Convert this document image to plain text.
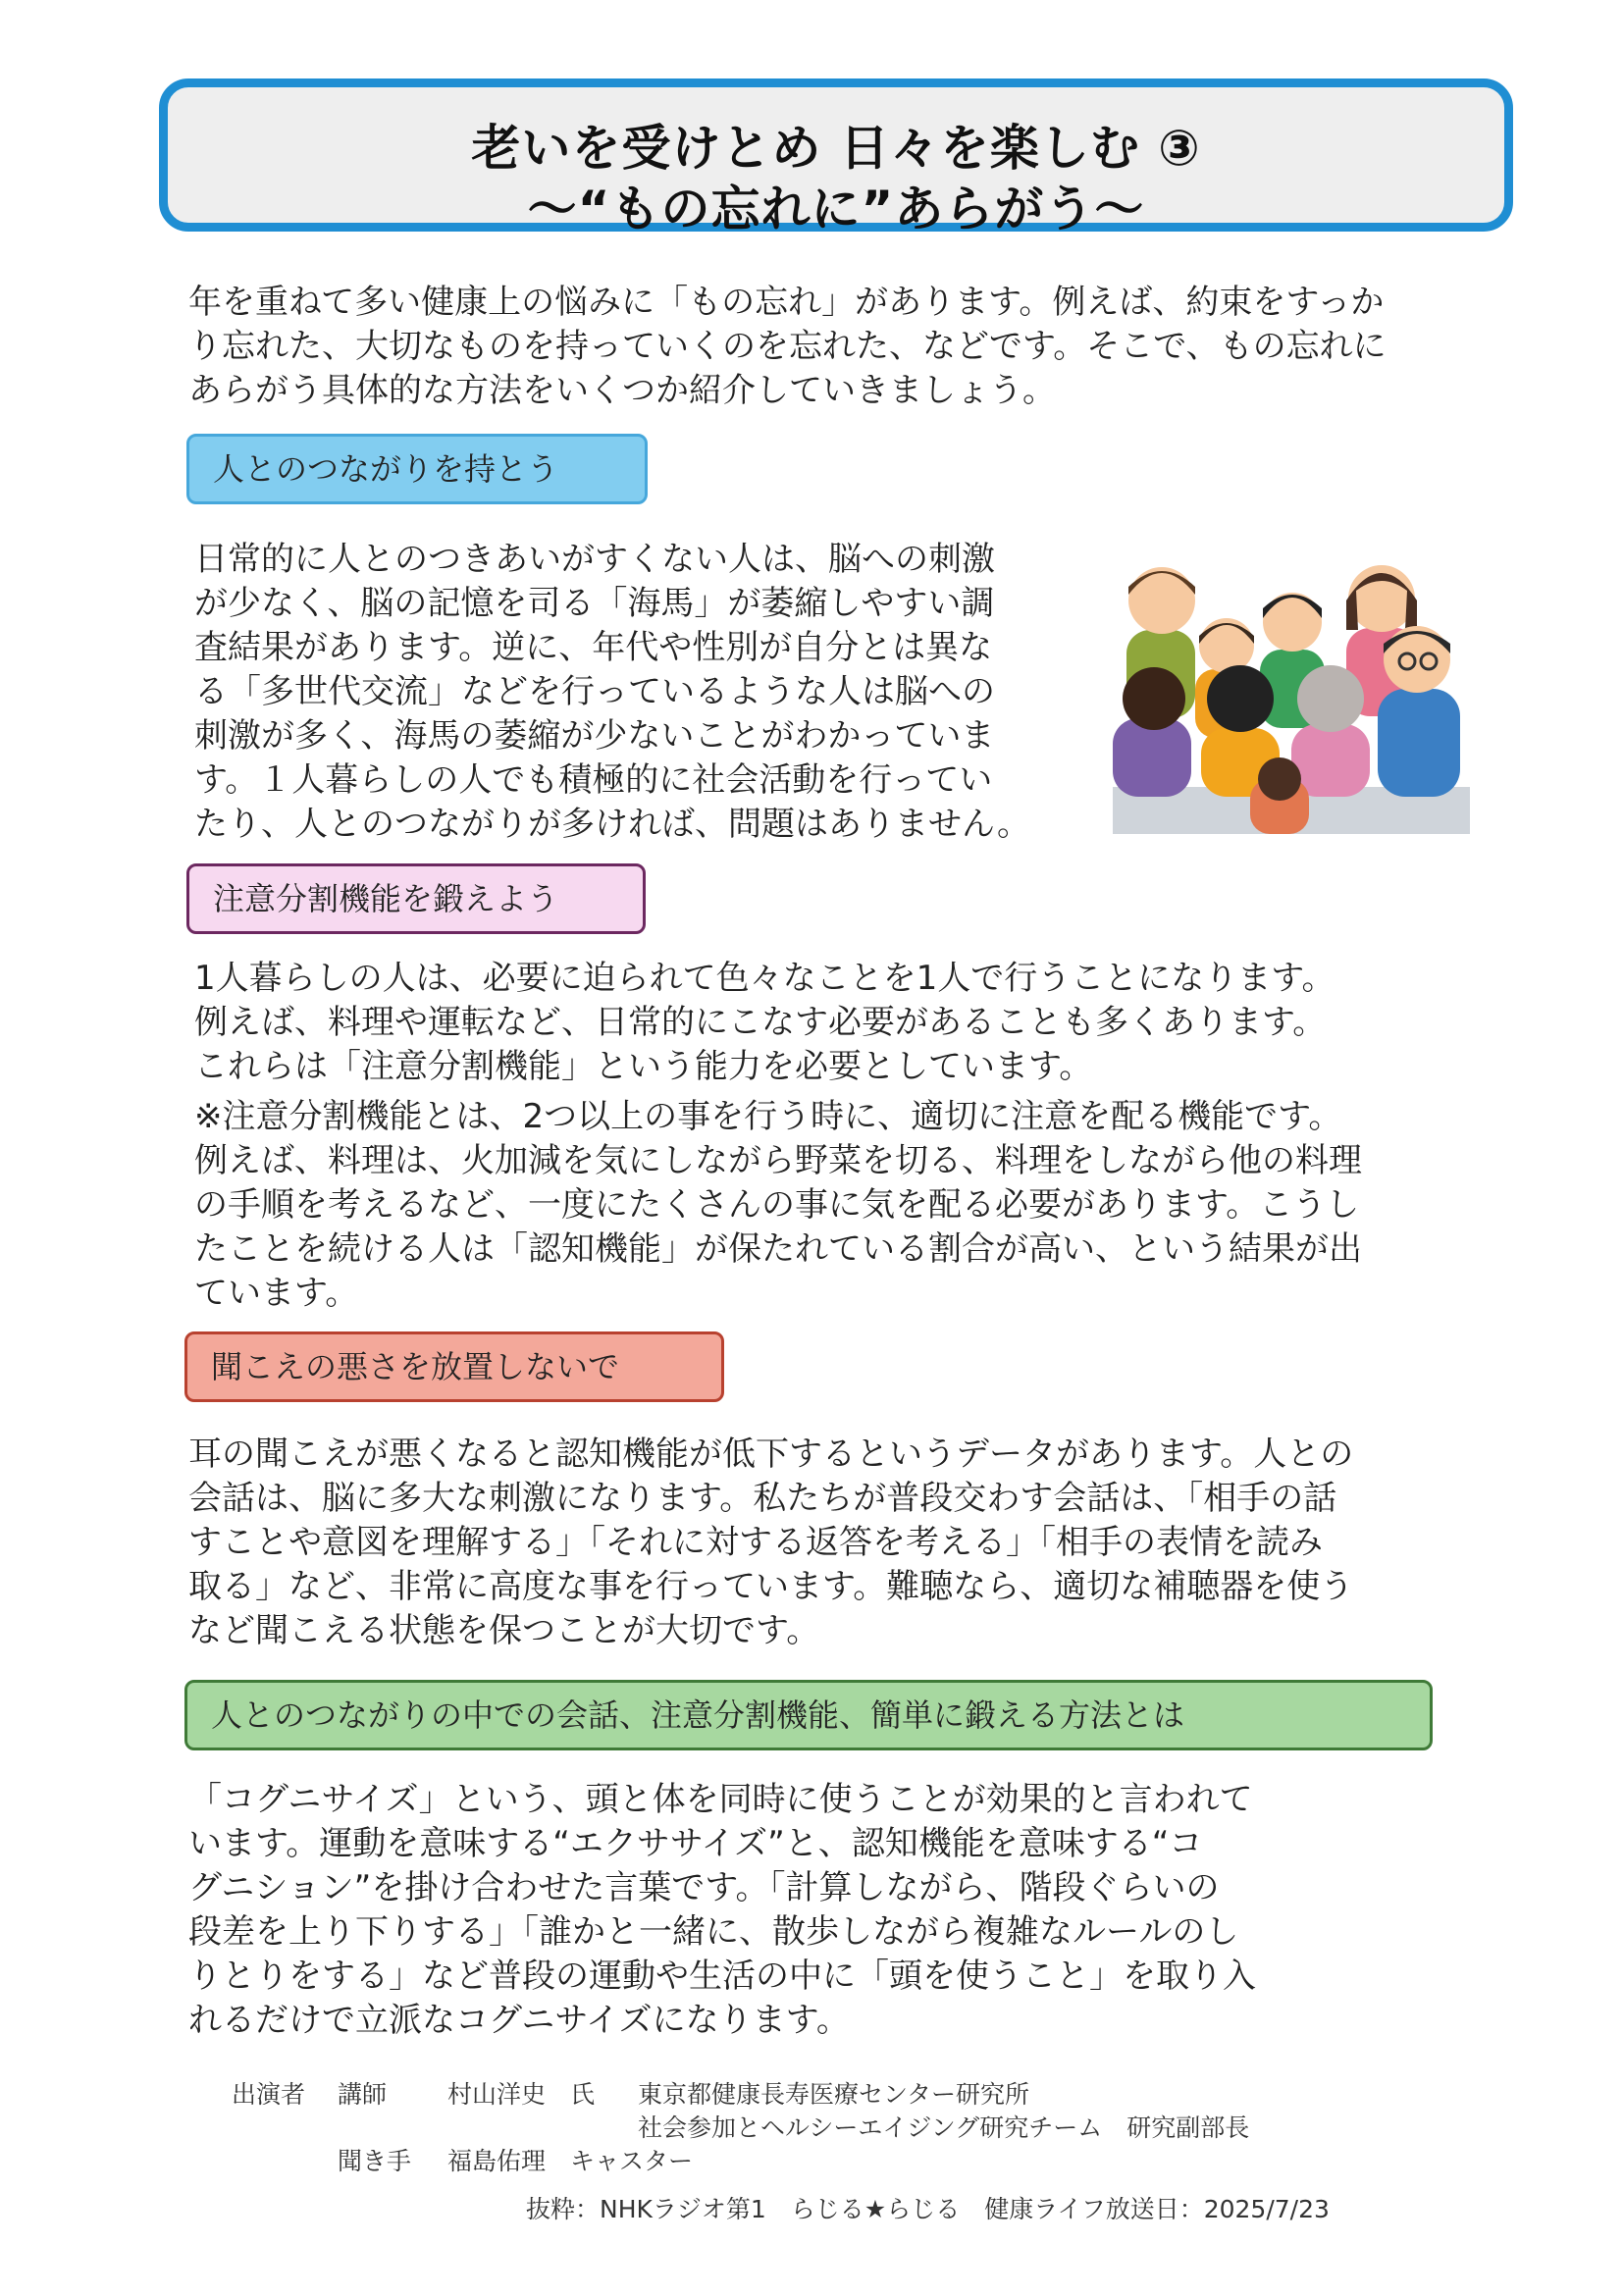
老いを受けとめ 日々を楽しむ ③
～“もの忘れに”あらがう～

年を重ねて多い健康上の悩みに「もの忘れ」があります。例えば、約束をすっか
り忘れた、大切なものを持っていくのを忘れた、などです。そこで、もの忘れに
あらがう具体的な方法をいくつか紹介していきましょう。

人とのつながりを持とう

日常的に人とのつきあいがすくない人は、脳への刺激
が少なく、脳の記憶を司る「海馬」が萎縮しやすい調
査結果があります。逆に、年代や性別が自分とは異な
る「多世代交流」などを行っているような人は脳への
刺激が多く、海馬の萎縮が少ないことがわかっていま
す。１人暮らしの人でも積極的に社会活動を行ってい
たり、人とのつながりが多ければ、問題はありません。

注意分割機能を鍛えよう

1人暮らしの人は、必要に迫られて色々なことを1人で行うことになります。
例えば、料理や運転など、日常的にこなす必要があることも多くあります。
これらは「注意分割機能」という能力を必要としています。

※注意分割機能とは、2つ以上の事を行う時に、適切に注意を配る機能です。
例えば、料理は、火加減を気にしながら野菜を切る、料理をしながら他の料理
の手順を考えるなど、一度にたくさんの事に気を配る必要があります。こうし
たことを続ける人は「認知機能」が保たれている割合が高い、という結果が出
ています。

聞こえの悪さを放置しないで

耳の聞こえが悪くなると認知機能が低下するというデータがあります。人との
会話は、脳に多大な刺激になります。私たちが普段交わす会話は、「相手の話
すことや意図を理解する」「それに対する返答を考える」「相手の表情を読み
取る」など、非常に高度な事を行っています。難聴なら、適切な補聴器を使う
など聞こえる状態を保つことが大切です。

人とのつながりの中での会話、注意分割機能、簡単に鍛える方法とは

「コグニサイズ」という、頭と体を同時に使うことが効果的と言われて
います。運動を意味する“エクササイズ”と、認知機能を意味する“コ
グニション”を掛け合わせた言葉です。「計算しながら、階段ぐらいの
段差を上り下りする」「誰かと一緒に、散歩しながら複雑なルールのし
りとりをする」など普段の運動や生活の中に「頭を使うこと」を取り入
れるだけで立派なコグニサイズになります。

出演者 講師 村山洋史　氏 東京都健康長寿医療センター研究所
社会参加とヘルシーエイジング研究チーム　研究副部長
聞き手 福島佑理　キャスター
抜粋：NHKラジオ第1　らじる★らじる　健康ライフ放送日：2025/7/23
